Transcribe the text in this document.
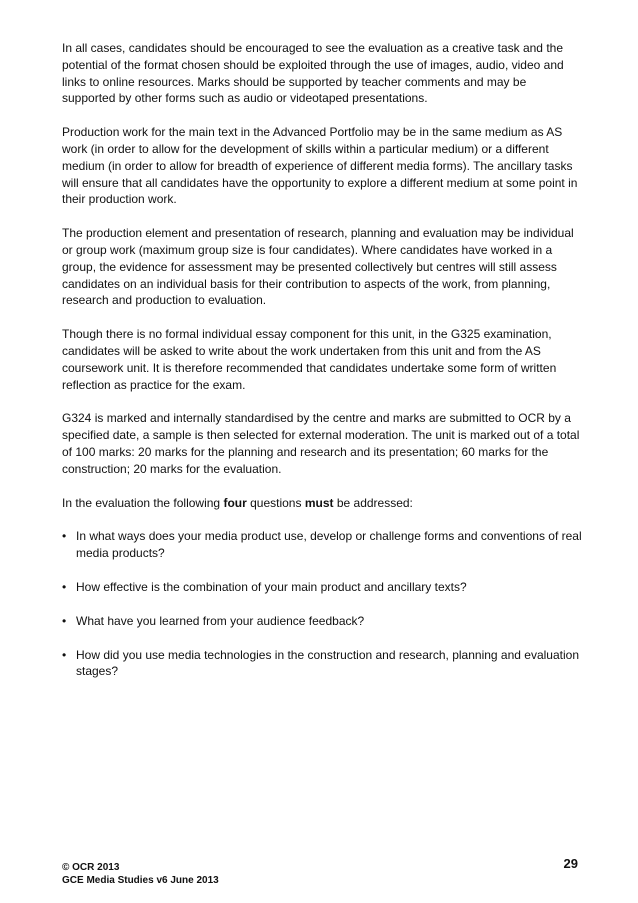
In all cases, candidates should be encouraged to see the evaluation as a creative task and the potential of the format chosen should be exploited through the use of images, audio, video and links to online resources. Marks should be supported by teacher comments and may be supported by other forms such as audio or videotaped presentations.

Production work for the main text in the Advanced Portfolio may be in the same medium as AS work (in order to allow for the development of skills within a particular medium) or a different medium (in order to allow for breadth of experience of different media forms). The ancillary tasks will ensure that all candidates have the opportunity to explore a different medium at some point in their production work.

The production element and presentation of research, planning and evaluation may be individual or group work (maximum group size is four candidates). Where candidates have worked in a group, the evidence for assessment may be presented collectively but centres will still assess candidates on an individual basis for their contribution to aspects of the work, from planning, research and production to evaluation.

Though there is no formal individual essay component for this unit, in the G325 examination, candidates will be asked to write about the work undertaken from this unit and from the AS coursework unit. It is therefore recommended that candidates undertake some form of written reflection as practice for the exam.

G324 is marked and internally standardised by the centre and marks are submitted to OCR by a specified date, a sample is then selected for external moderation. The unit is marked out of a total of 100 marks: 20 marks for the planning and research and its presentation; 60 marks for the construction; 20 marks for the evaluation.

In the evaluation the following four questions must be addressed:

• In what ways does your media product use, develop or challenge forms and conventions of real media products?
• How effective is the combination of your main product and ancillary texts?
• What have you learned from your audience feedback?
• How did you use media technologies in the construction and research, planning and evaluation stages?
© OCR 2013
GCE Media Studies v6 June 2013
29
